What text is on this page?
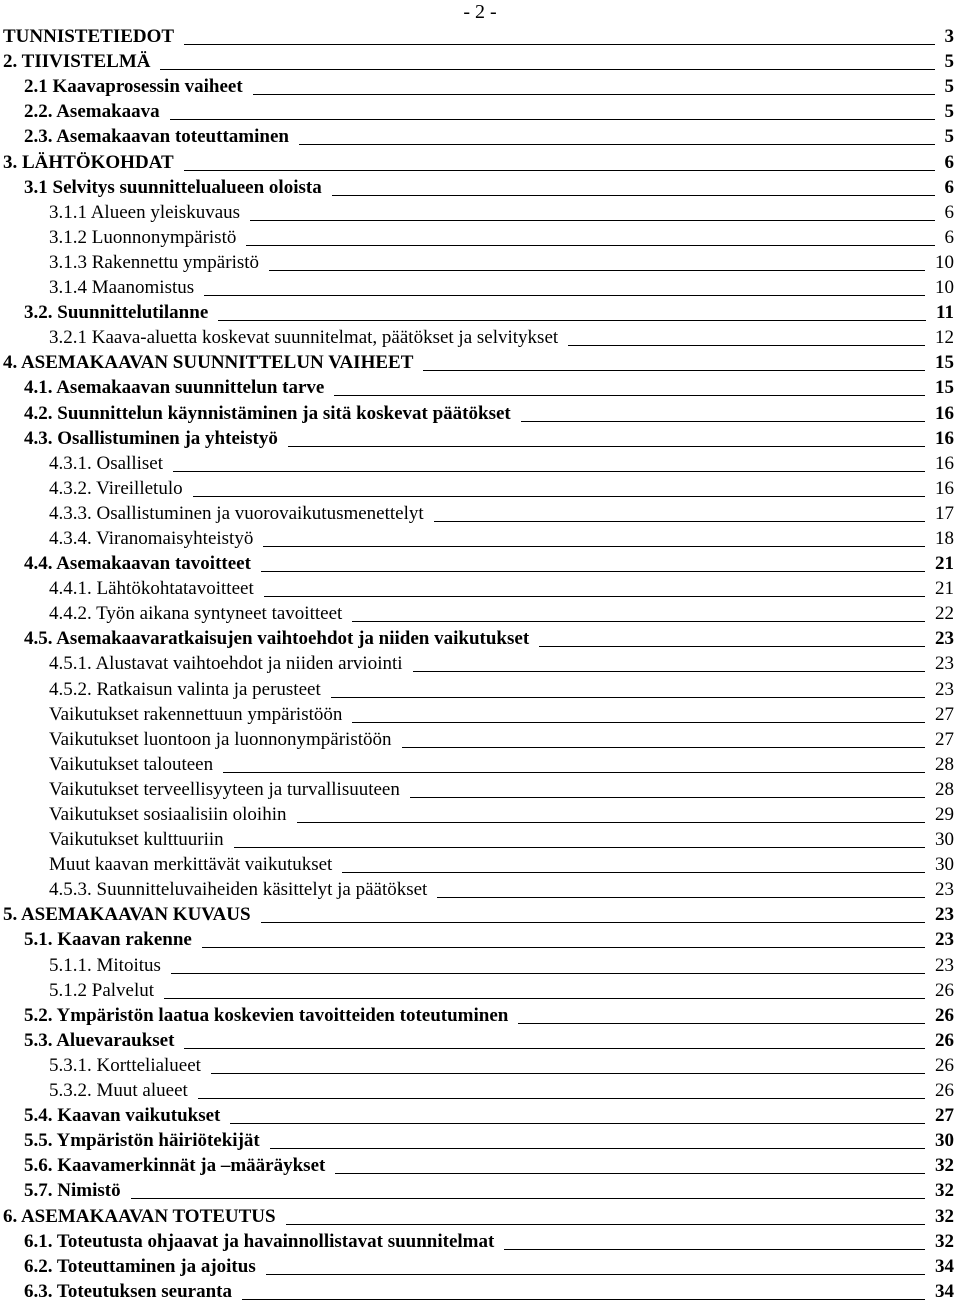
- 2 -
TUNNISTETIEDOT	3
2. TIIVISTELMÄ	5
2.1 Kaavaprosessin vaiheet	5
2.2. Asemakaava	5
2.3. Asemakaavan toteuttaminen	5
3. LÄHTÖKOHDAT	6
3.1 Selvitys suunnittelualueen oloista	6
3.1.1 Alueen yleiskuvaus	6
3.1.2 Luonnonympäristö	6
3.1.3 Rakennettu ympäristö	10
3.1.4 Maanomistus	10
3.2. Suunnittelutilanne	11
3.2.1 Kaava-aluetta koskevat suunnitelmat, päätökset ja selvitykset	12
4. ASEMAKAAVAN SUUNNITTELUN VAIHEET	15
4.1. Asemakaavan suunnittelun tarve	15
4.2. Suunnittelun käynnistäminen ja sitä koskevat päätökset	16
4.3. Osallistuminen ja yhteistyö	16
4.3.1. Osalliset	16
4.3.2. Vireilletulo	16
4.3.3. Osallistuminen ja vuorovaikutusmenettelyt	17
4.3.4. Viranomaisyhteistyö	18
4.4. Asemakaavan tavoitteet	21
4.4.1. Lähtökohtatavoitteet	21
4.4.2. Työn aikana syntyneet tavoitteet	22
4.5. Asemakaavaratkaisujen vaihtoehdot ja niiden vaikutukset	23
4.5.1. Alustavat vaihtoehdot ja niiden arviointi	23
4.5.2. Ratkaisun valinta ja perusteet	23
Vaikutukset rakennettuun ympäristöön	27
Vaikutukset luontoon ja luonnonympäristöön	27
Vaikutukset talouteen	28
Vaikutukset terveellisyyteen ja turvallisuuteen	28
Vaikutukset sosiaalisiin oloihin	29
Vaikutukset kulttuuriin	30
Muut kaavan merkittävät vaikutukset	30
4.5.3. Suunnitteluvaiheiden käsittelyt ja päätökset	23
5. ASEMAKAAVAN KUVAUS	23
5.1. Kaavan rakenne	23
5.1.1. Mitoitus	23
5.1.2 Palvelut	26
5.2. Ympäristön laatua koskevien tavoitteiden toteutuminen	26
5.3. Aluevaraukset	26
5.3.1. Korttelialueet	26
5.3.2. Muut alueet	26
5.4. Kaavan vaikutukset	27
5.5. Ympäristön häiriötekijät	30
5.6. Kaavamerkinnät ja –määräykset	32
5.7. Nimistö	32
6. ASEMAKAAVAN TOTEUTUS	32
6.1. Toteutusta ohjaavat ja havainnollistavat suunnitelmat	32
6.2. Toteuttaminen ja ajoitus	34
6.3. Toteutuksen seuranta	34
